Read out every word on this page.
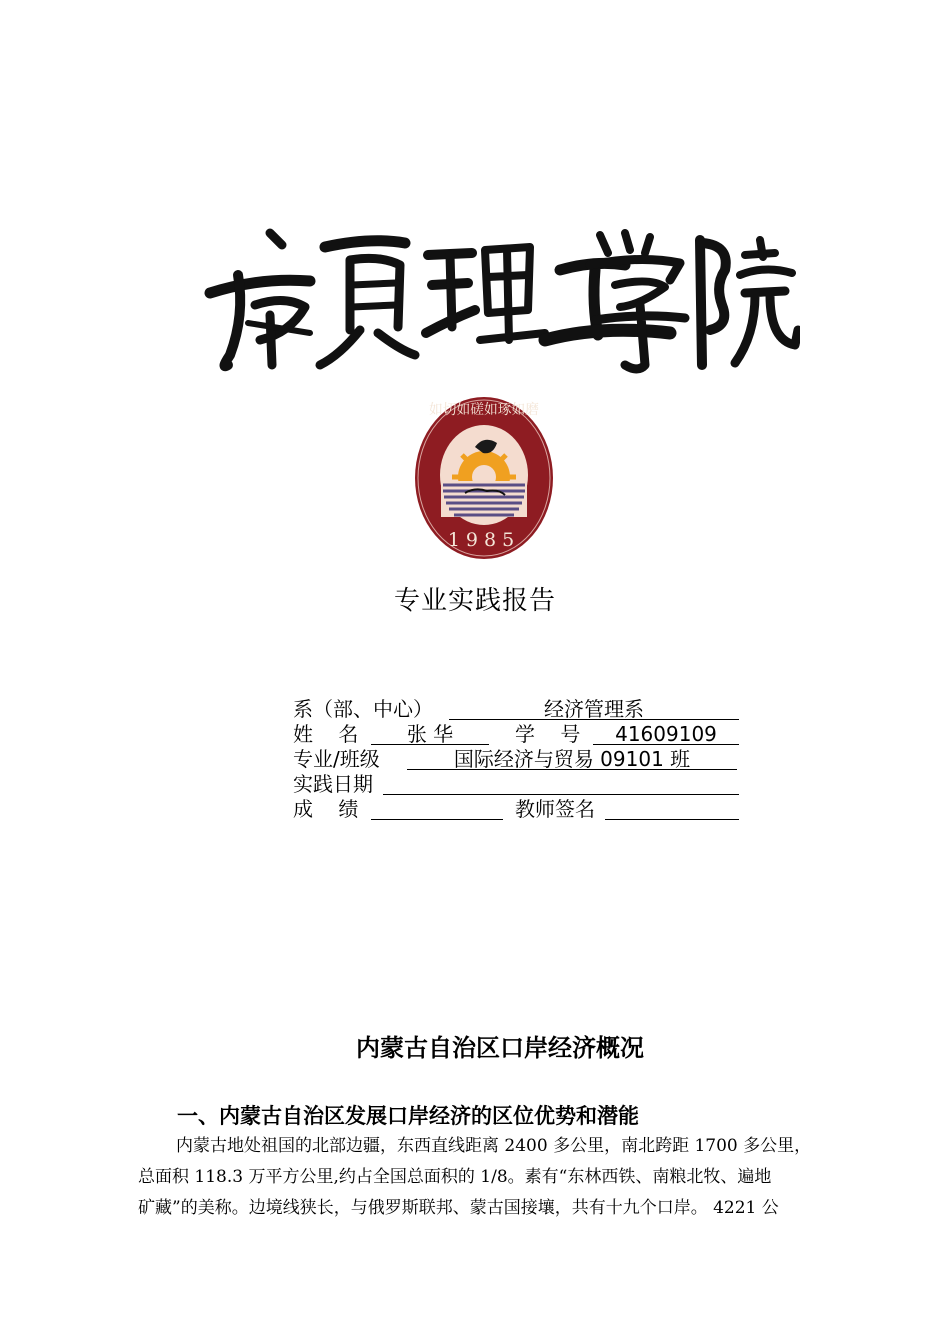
如切如磋如琢如磨
1985
专业实践报告
系（部、中心）	经济管理系
姓    名	张 华	学    号	41609109
专业/班级	国际经济与贸易 09101 班
实践日期
成    绩	教师签名
内蒙古自治区口岸经济概况
一、内蒙古自治区发展口岸经济的区位优势和潜能

内蒙古地处祖国的北部边疆，东西直线距离 2400 多公里，南北跨距 1700 多公里，

总面积 118.3 万平方公里,约占全国总面积的 1/8。素有“东林西铁、南粮北牧、遍地

矿藏”的美称。边境线狭长，与俄罗斯联邦、蒙古国接壤，共有十九个口岸。 4221 公
